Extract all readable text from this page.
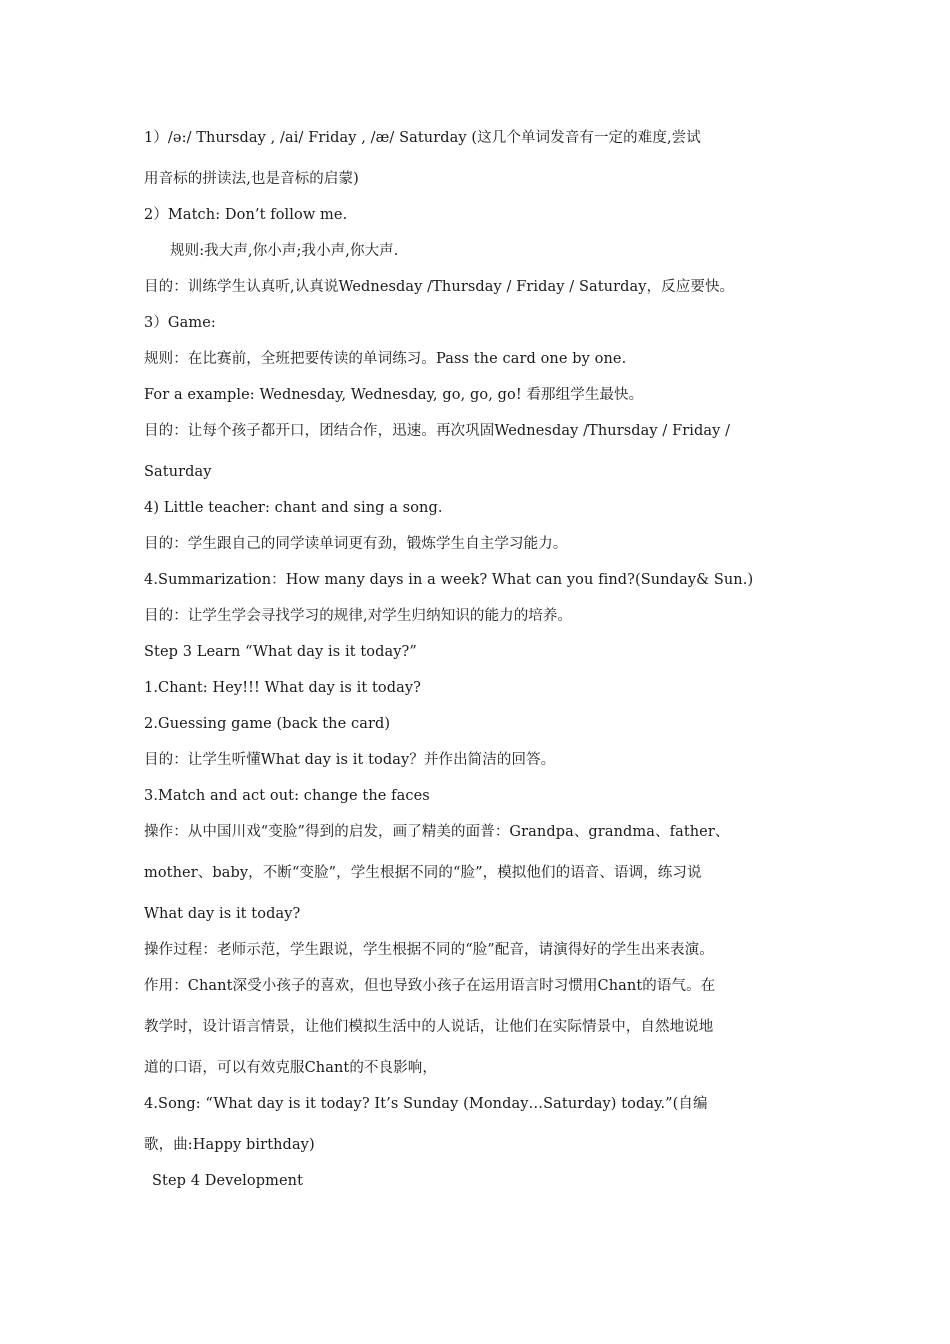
1）/ə:/ Thursday , /ai/ Friday , /æ/ Saturday (这几个单词发音有一定的难度,尝试
用音标的拼读法,也是音标的启蒙)
2）Match: Don’t follow me.
规则:我大声,你小声;我小声,你大声.
目的：训练学生认真听,认真说Wednesday /Thursday / Friday / Saturday，反应要快。
3）Game:
规则：在比赛前，全班把要传读的单词练习。Pass the card one by one.
For a example: Wednesday, Wednesday, go, go, go! 看那组学生最快。
目的：让每个孩子都开口，团结合作，迅速。再次巩固Wednesday /Thursday / Friday /
Saturday
4) Little teacher: chant and sing a song.
目的：学生跟自己的同学读单词更有劲，锻炼学生自主学习能力。
4.Summarization：How many days in a week? What can you find?(Sunday& Sun.)
目的：让学生学会寻找学习的规律,对学生归纳知识的能力的培养。
Step 3 Learn “What day is it today?”
1.Chant: Hey!!! What day is it today?
2.Guessing game (back the card)
目的：让学生听懂What day is it today？并作出简洁的回答。
3.Match and act out: change the faces
操作：从中国川戏“变脸”得到的启发，画了精美的面普：Grandpa、grandma、father、
mother、baby，不断“变脸”，学生根据不同的“脸”，模拟他们的语音、语调，练习说
What day is it today?
操作过程：老师示范，学生跟说，学生根据不同的“脸”配音，请演得好的学生出来表演。
作用：Chant深受小孩子的喜欢，但也导致小孩子在运用语言时习惯用Chant的语气。在
教学时，设计语言情景，让他们模拟生活中的人说话，让他们在实际情景中，自然地说地
道的口语，可以有效克服Chant的不良影响，
4.Song: “What day is it today? It’s Sunday (Monday…Saturday) today.”(自编
歌，曲:Happy birthday)
Step 4 Development
